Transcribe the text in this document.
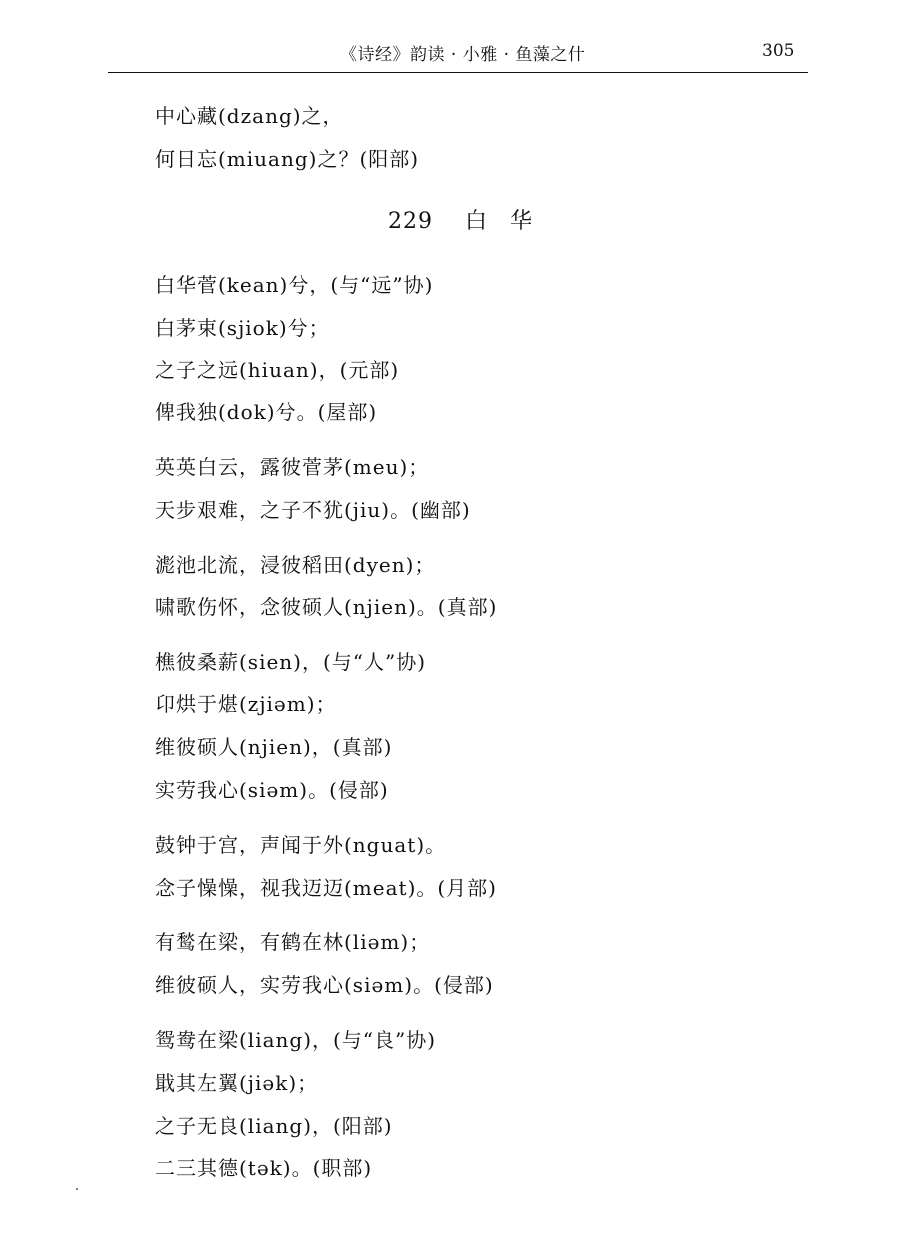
《诗经》韵读 · 小雅 · 鱼藻之什	305
中心藏(dzang)之，
何日忘(miuang)之？(阳部)
229 白 华
白华菅(kean)兮，(与“远”协)
白茅束(sjiok)兮；
之子之远(hiuan)，(元部)
俾我独(dok)兮。(屋部)
英英白云，露彼菅茅(meu)；
天步艰难，之子不犹(jiu)。(幽部)
滮池北流，浸彼稻田(dyen)；
啸歌伤怀，念彼硕人(njien)。(真部)
樵彼桑薪(sien)，(与“人”协)
卬烘于煁(zjiəm)；
维彼硕人(njien)，(真部)
实劳我心(siəm)。(侵部)
鼓钟于宫，声闻于外(nguat)。
念子懆懆，视我迈迈(meat)。(月部)
有鹙在梁，有鹤在林(liəm)；
维彼硕人，实劳我心(siəm)。(侵部)
鸳鸯在梁(liang)，(与“良”协)
戢其左翼(jiək)；
之子无良(liang)，(阳部)
二三其德(tək)。(职部)
